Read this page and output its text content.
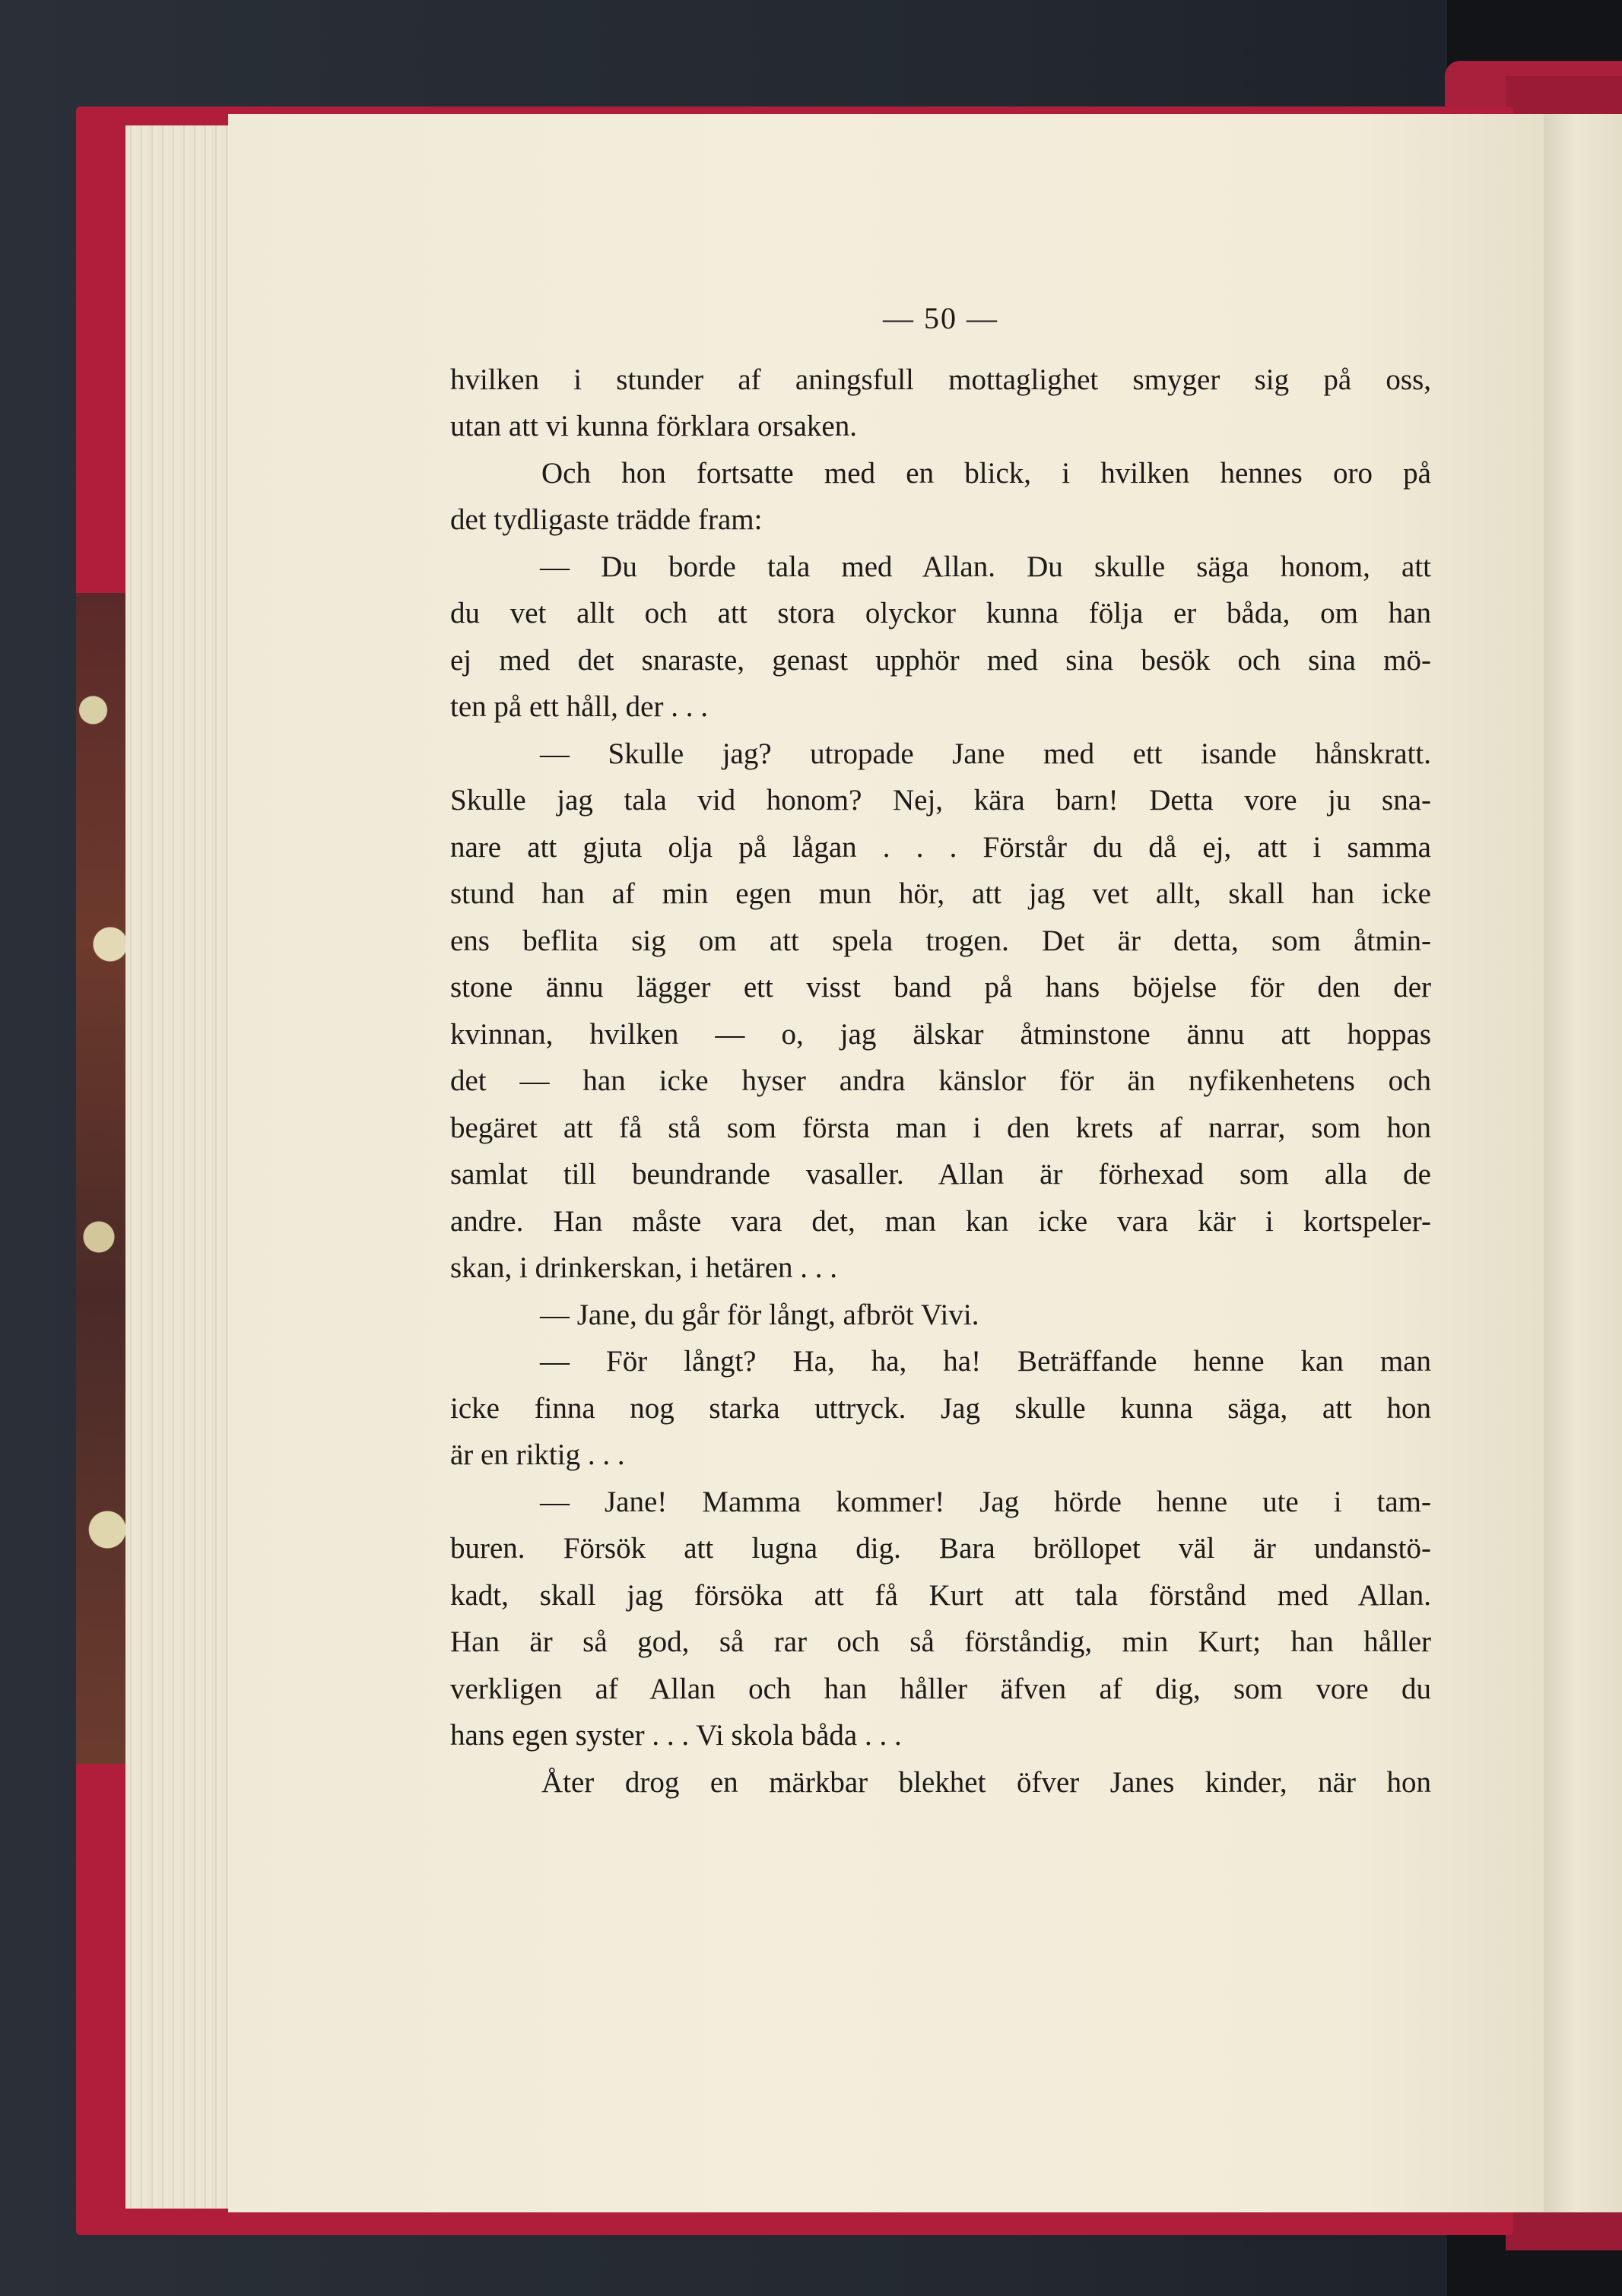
— 50 —
hvilken i stunder af aningsfull mottaglighet smyger sig på oss,
utan att vi kunna förklara orsaken.
Och hon fortsatte med en blick, i hvilken hennes oro på
det tydligaste trädde fram:
— Du borde tala med Allan. Du skulle säga honom, att
du vet allt och att stora olyckor kunna följa er båda, om han
ej med det snaraste, genast upphör med sina besök och sina mö-
ten på ett håll, der . . .
— Skulle jag? utropade Jane med ett isande hånskratt.
Skulle jag tala vid honom? Nej, kära barn! Detta vore ju sna-
nare att gjuta olja på lågan . . . Förstår du då ej, att i samma
stund han af min egen mun hör, att jag vet allt, skall han icke
ens beflita sig om att spela trogen. Det är detta, som åtmin-
stone ännu lägger ett visst band på hans böjelse för den der
kvinnan, hvilken — o, jag älskar åtminstone ännu att hoppas
det — han icke hyser andra känslor för än nyfikenhetens och
begäret att få stå som första man i den krets af narrar, som hon
samlat till beundrande vasaller. Allan är förhexad som alla de
andre. Han måste vara det, man kan icke vara kär i kortspeler-
skan, i drinkerskan, i hetären . . .
— Jane, du går för långt, afbröt Vivi.
— För långt? Ha, ha, ha! Beträffande henne kan man
icke finna nog starka uttryck. Jag skulle kunna säga, att hon
är en riktig . . .
— Jane! Mamma kommer! Jag hörde henne ute i tam-
buren. Försök att lugna dig. Bara bröllopet väl är undanstö-
kadt, skall jag försöka att få Kurt att tala förstånd med Allan.
Han är så god, så rar och så förståndig, min Kurt; han håller
verkligen af Allan och han håller äfven af dig, som vore du
hans egen syster . . . Vi skola båda . . .
Åter drog en märkbar blekhet öfver Janes kinder, när hon
